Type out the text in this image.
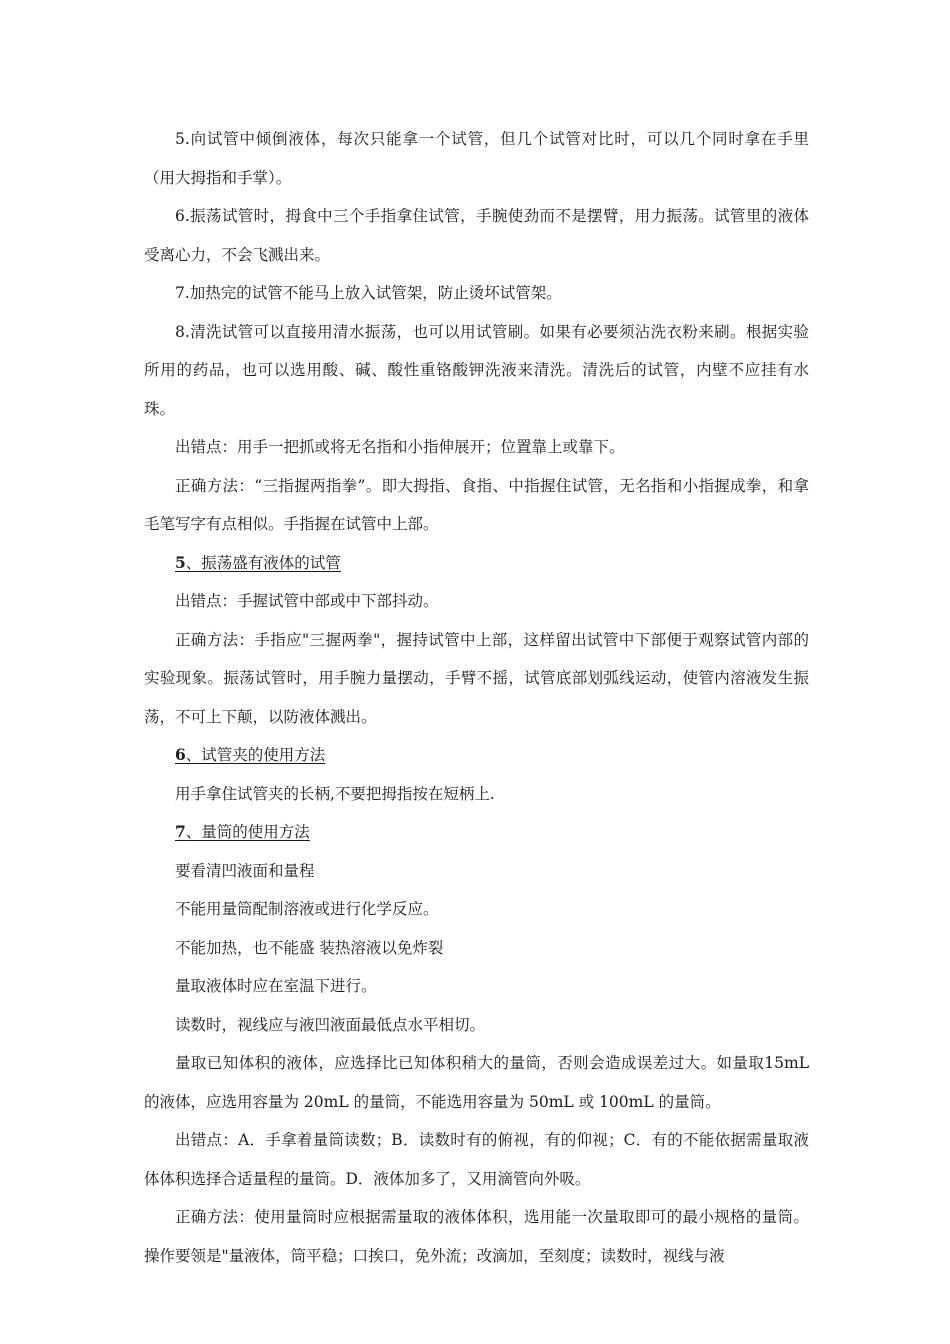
5.向试管中倾倒液体，每次只能拿一个试管，但几个试管对比时，可以几个同时拿在手里（用大拇指和手掌）。

6.振荡试管时，拇食中三个手指拿住试管，手腕使劲而不是摆臂，用力振荡。试管里的液体受离心力，不会飞溅出来。

7.加热完的试管不能马上放入试管架，防止烫坏试管架。

8.清洗试管可以直接用清水振荡，也可以用试管刷。如果有必要须沾洗衣粉来刷。根据实验所用的药品，也可以选用酸、碱、酸性重铬酸钾洗液来清洗。清洗后的试管，内壁不应挂有水珠。

出错点：用手一把抓或将无名指和小指伸展开；位置靠上或靠下。

正确方法：“三指握两指拳”。即大拇指、食指、中指握住试管，无名指和小指握成拳，和拿毛笔写字有点相似。手指握在试管中上部。

5、振荡盛有液体的试管

出错点：手握试管中部或中下部抖动。

正确方法：手指应"三握两拳"，握持试管中上部，这样留出试管中下部便于观察试管内部的实验现象。振荡试管时，用手腕力量摆动，手臂不摇，试管底部划弧线运动，使管内溶液发生振荡，不可上下颠，以防液体溅出。

6、试管夹的使用方法

用手拿住试管夹的长柄,不要把拇指按在短柄上.

7、量筒的使用方法

要看清凹液面和量程

不能用量筒配制溶液或进行化学反应。

不能加热，也不能盛 装热溶液以免炸裂

量取液体时应在室温下进行。

读数时，视线应与液凹液面最低点水平相切。

量取已知体积的液体，应选择比已知体积稍大的量筒，否则会造成误差过大。如量取15mL 的液体，应选用容量为 20mL 的量筒，不能选用容量为 50mL 或 100mL 的量筒。

出错点：A．手拿着量筒读数；B．读数时有的俯视，有的仰视；C．有的不能依据需量取液体体积选择合适量程的量筒。D．液体加多了，又用滴管向外吸。

正确方法：使用量筒时应根据需量取的液体体积，选用能一次量取即可的最小规格的量筒。操作要领是"量液体，筒平稳；口挨口，免外流；改滴加，至刻度；读数时，视线与液
